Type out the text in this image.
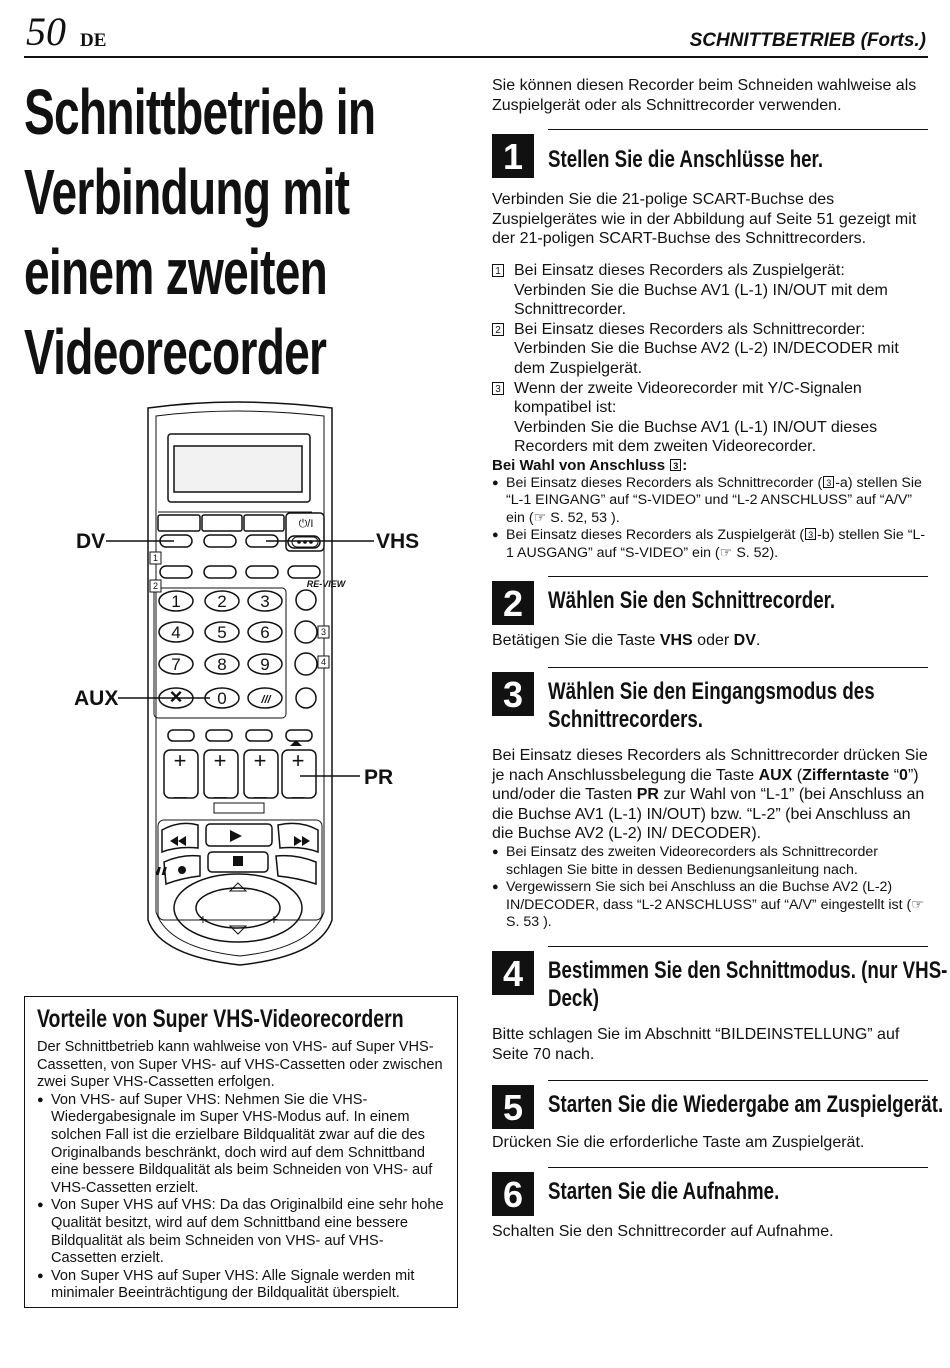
50 DE	SCHNITTBETRIEB (Forts.)
Schnittbetrieb in
Verbindung mit
einem zweiten
Videorecorder
1 2 3
4 5 6
7 8 9
0
×	///
RE-VIEW
⏻/I
+ + + +
_ _ _ _
+	+
1
2
3
4
DV	VHS
AUX
PR
Vorteile von Super VHS-Videorecordern
Der Schnittbetrieb kann wahlweise von VHS- auf Super VHS-Cassetten, von Super VHS- auf VHS-Cassetten oder zwischen zwei Super VHS-Cassetten erfolgen.
● Von VHS- auf Super VHS: Nehmen Sie die VHS-Wiedergabesignale im Super VHS-Modus auf. In einem solchen Fall ist die erzielbare Bildqualität zwar auf die des Originalbands beschränkt, doch wird auf dem Schnittband eine bessere Bildqualität als beim Schneiden von VHS- auf VHS-Cassetten erzielt.
● Von Super VHS auf VHS: Da das Originalbild eine sehr hohe Qualität besitzt, wird auf dem Schnittband eine bessere Bildqualität als beim Schneiden von VHS- auf VHS-Cassetten erzielt.
● Von Super VHS auf Super VHS: Alle Signale werden mit minimaler Beeinträchtigung der Bildqualität überspielt.
Sie können diesen Recorder beim Schneiden wahlweise als Zuspielgerät oder als Schnittrecorder verwenden.
1	Stellen Sie die Anschlüsse her.
Verbinden Sie die 21-polige SCART-Buchse des Zuspielgerätes wie in der Abbildung auf Seite 51 gezeigt mit der 21-poligen SCART-Buchse des Schnittrecorders.
1 Bei Einsatz dieses Recorders als Zuspielgerät:
Verbinden Sie die Buchse AV1 (L-1) IN/OUT mit dem Schnittrecorder.
2 Bei Einsatz dieses Recorders als Schnittrecorder:
Verbinden Sie die Buchse AV2 (L-2) IN/DECODER mit dem Zuspielgerät.
3 Wenn der zweite Videorecorder mit Y/C-Signalen kompatibel ist:
Verbinden Sie die Buchse AV1 (L-1) IN/OUT dieses Recorders mit dem zweiten Videorecorder.
Bei Wahl von Anschluss 3 :
● Bei Einsatz dieses Recorders als Schnittrecorder ( 3 -a) stellen Sie “L-1 EINGANG” auf “S-VIDEO” und “L-2 ANSCHLUSS” auf “A/V” ein (☞ S. 52, 53 ).
● Bei Einsatz dieses Recorders als Zuspielgerät ( 3 -b) stellen Sie “L-1 AUSGANG” auf “S-VIDEO” ein (☞ S. 52).
2	Wählen Sie den Schnittrecorder.
Betätigen Sie die Taste VHS oder DV.
3	Wählen Sie den Eingangsmodus des
Schnittrecorders.
Bei Einsatz dieses Recorders als Schnittrecorder drücken Sie je nach Anschlussbelegung die Taste AUX (Zifferntaste “0”) und/oder die Tasten PR zur Wahl von “L-1” (bei Anschluss an die Buchse AV1 (L-1) IN/OUT) bzw. “L-2” (bei Anschluss an die Buchse AV2 (L-2) IN/ DECODER).
● Bei Einsatz des zweiten Videorecorders als Schnittrecorder schlagen Sie bitte in dessen Bedienungsanleitung nach.
● Vergewissern Sie sich bei Anschluss an die Buchse AV2 (L-2) IN/DECODER, dass “L-2 ANSCHLUSS” auf “A/V” eingestellt ist (☞ S. 53 ).
4	Bestimmen Sie den Schnittmodus. (nur VHS-
Deck)
Bitte schlagen Sie im Abschnitt “BILDEINSTELLUNG” auf Seite 70 nach.
5	Starten Sie die Wiedergabe am Zuspielgerät.
Drücken Sie die erforderliche Taste am Zuspielgerät.
6	Starten Sie die Aufnahme.
Schalten Sie den Schnittrecorder auf Aufnahme.
